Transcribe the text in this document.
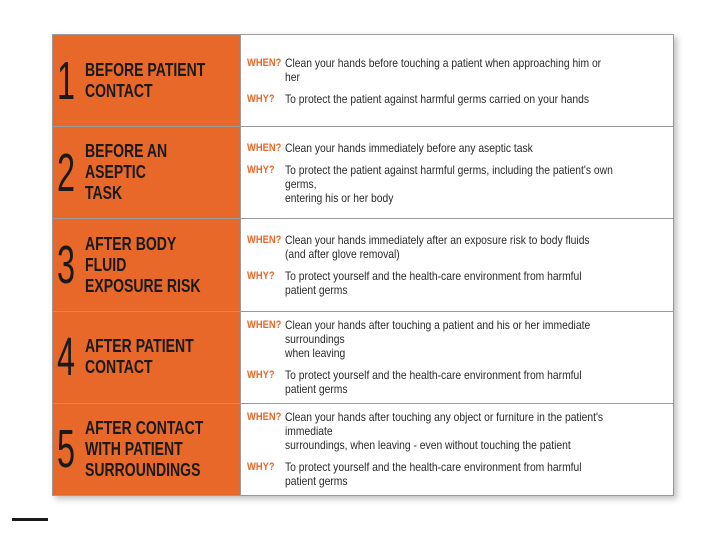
1 BEFORE PATIENT
CONTACT
WHEN? Clean your hands before touching a patient when approaching him or her
WHY? To protect the patient against harmful germs carried on your hands
2 BEFORE AN ASEPTIC
TASK
WHEN? Clean your hands immediately before any aseptic task
WHY? To protect the patient against harmful germs, including the patient's own germs,
entering his or her body
3 AFTER BODY FLUID
EXPOSURE RISK
WHEN? Clean your hands immediately after an exposure risk to body fluids
(and after glove removal)
WHY? To protect yourself and the health-care environment from harmful patient germs
4 AFTER PATIENT
CONTACT
WHEN? Clean your hands after touching a patient and his or her immediate surroundings
when leaving
WHY? To protect yourself and the health-care environment from harmful patient germs
5 AFTER CONTACT
WITH PATIENT
SURROUNDINGS
WHEN? Clean your hands after touching any object or furniture in the patient's immediate
surroundings, when leaving - even without touching the patient
WHY? To protect yourself and the health-care environment from harmful patient germs
